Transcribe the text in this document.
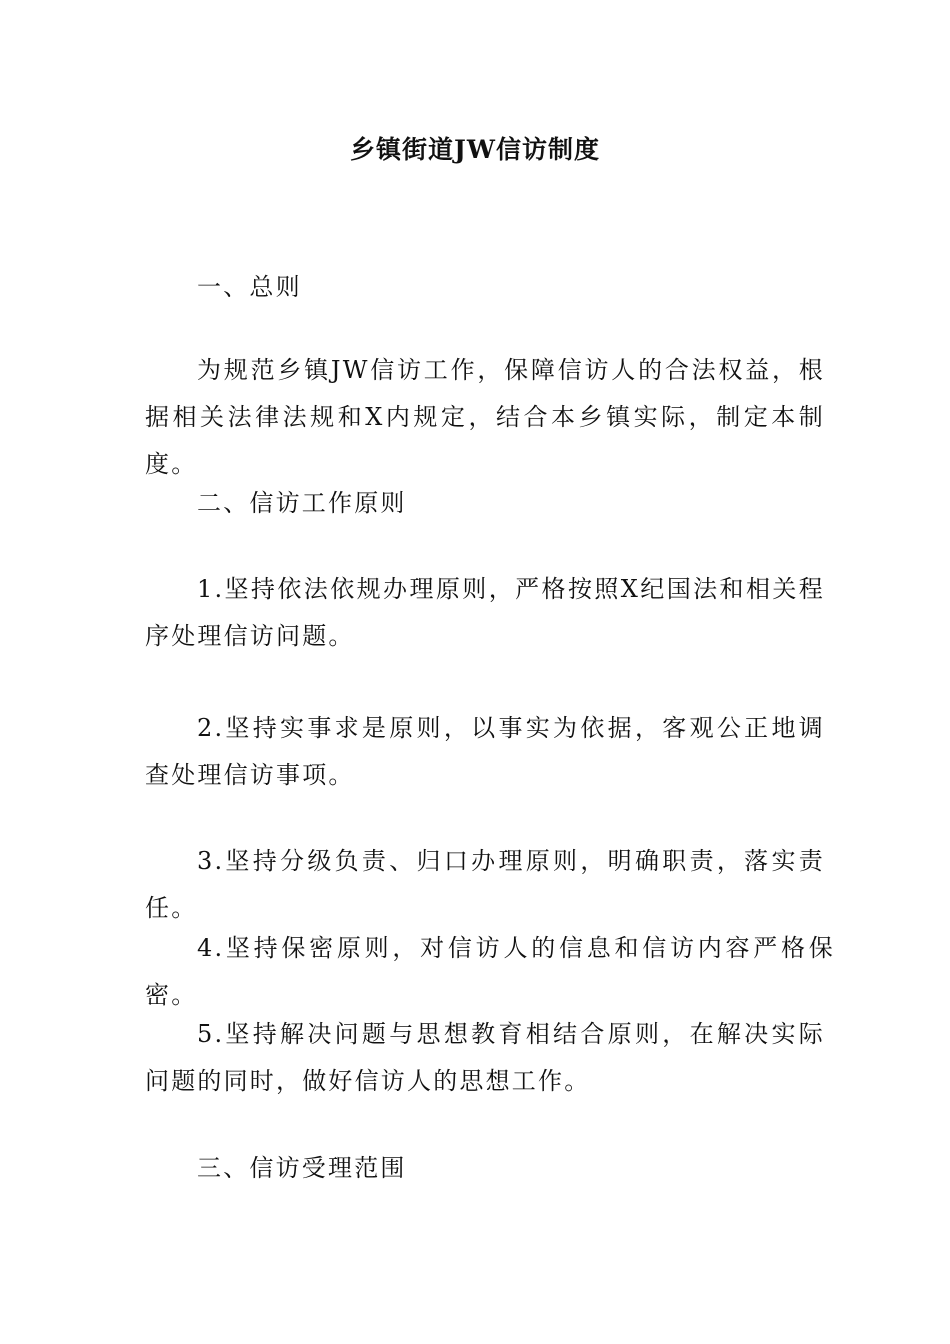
乡镇街道JW信访制度
一、总则
为规范乡镇JW信访工作，保障信访人的合法权益，根据相关法律法规和X内规定，结合本乡镇实际，制定本制度。
二、信访工作原则
1.坚持依法依规办理原则，严格按照X纪国法和相关程序处理信访问题。
2.坚持实事求是原则，以事实为依据，客观公正地调查处理信访事项。
3.坚持分级负责、归口办理原则，明确职责，落实责任。
4.坚持保密原则，对信访人的信息和信访内容严格保密。
5.坚持解决问题与思想教育相结合原则，在解决实际问题的同时，做好信访人的思想工作。
三、信访受理范围
